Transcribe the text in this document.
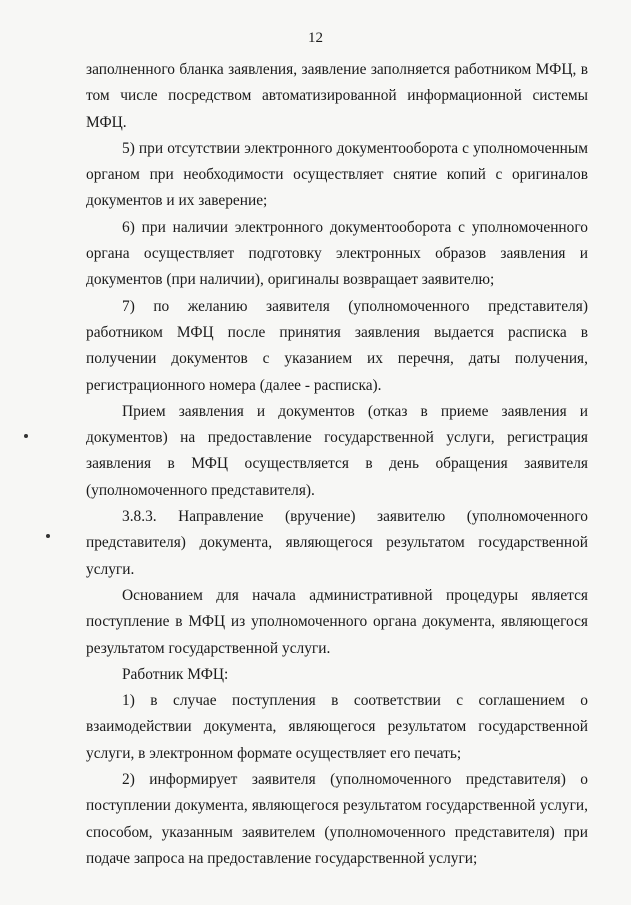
12

заполненного бланка заявления, заявление заполняется работником МФЦ, в том числе посредством автоматизированной информационной системы МФЦ.

5) при отсутствии электронного документооборота с уполномоченным органом при необходимости осуществляет снятие копий с оригиналов документов и их заверение;

6) при наличии электронного документооборота с уполномоченного органа осуществляет подготовку электронных образов заявления и документов (при наличии), оригиналы возвращает заявителю;

7) по желанию заявителя (уполномоченного представителя) работником МФЦ после принятия заявления выдается расписка в получении документов с указанием их перечня, даты получения, регистрационного номера (далее - расписка).

Прием заявления и документов (отказ в приеме заявления и документов) на предоставление государственной услуги, регистрация заявления в МФЦ осуществляется в день обращения заявителя (уполномоченного представителя).

3.8.3. Направление (вручение) заявителю (уполномоченного представителя) документа, являющегося результатом государственной услуги.

Основанием для начала административной процедуры является поступление в МФЦ из уполномоченного органа документа, являющегося результатом государственной услуги.

Работник МФЦ:

1) в случае поступления в соответствии с соглашением о взаимодействии документа, являющегося результатом государственной услуги, в электронном формате осуществляет его печать;

2) информирует заявителя (уполномоченного представителя) о поступлении документа, являющегося результатом государственной услуги, способом, указанным заявителем (уполномоченного представителя) при подаче запроса на предоставление государственной услуги;
